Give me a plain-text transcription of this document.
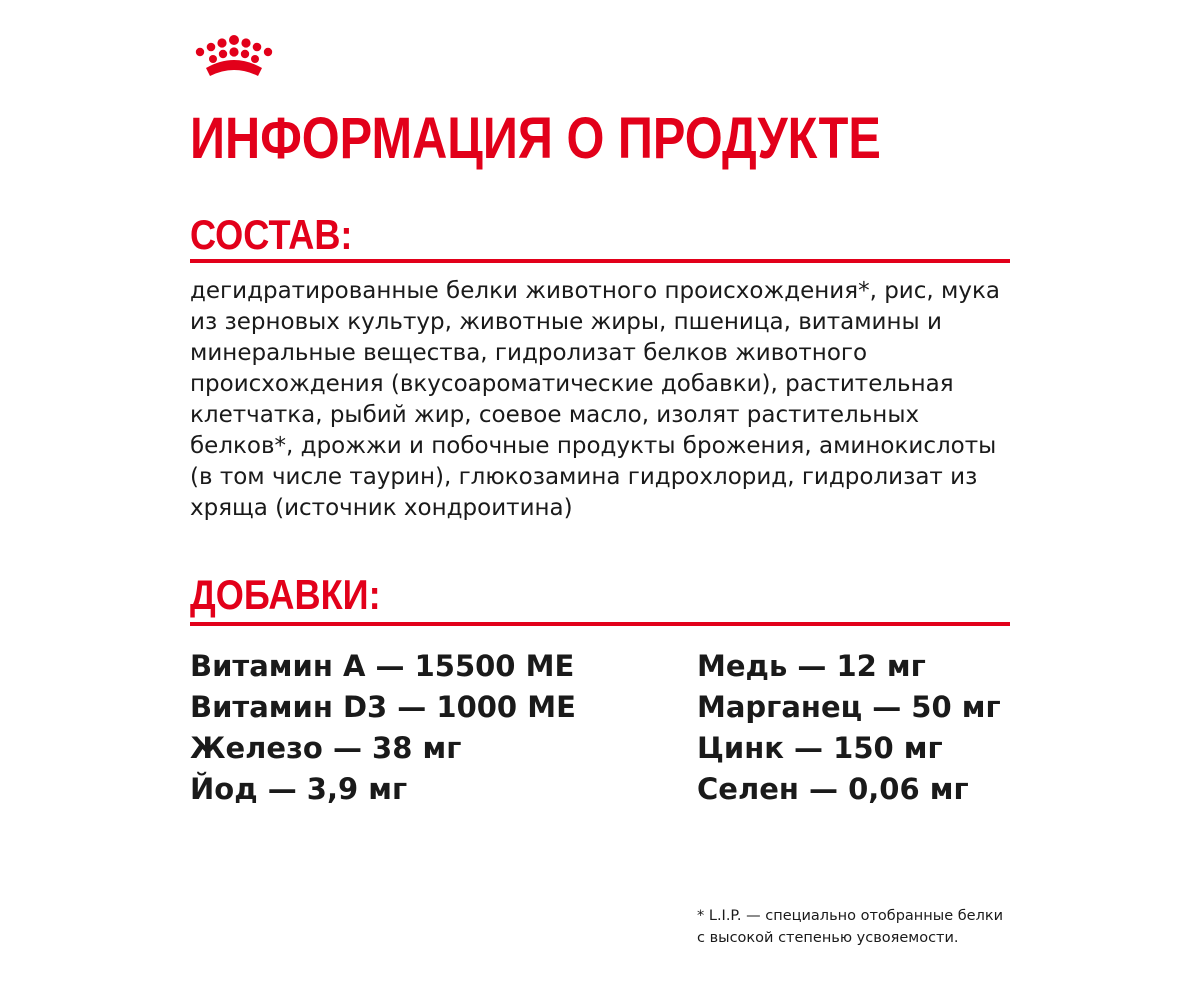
ИНФОРМАЦИЯ О ПРОДУКТЕ
СОСТАВ:

дегидратированные белки животного происхождения*, рис, мука из зерновых культур, животные жиры, пшеница, витамины и минеральные вещества, гидролизат белков животного происхождения (вкусоароматические добавки), растительная клетчатка, рыбий жир, соевое масло, изолят растительных белков*, дрожжи и побочные продукты брожения, аминокислоты (в том числе таурин), глюкозамина гидрохлорид, гидролизат из хряща (источник хондроитина)

ДОБАВКИ:
Витамин А — 15500 МЕ
Витамин D3 — 1000 МЕ
Железо — 38 мг
Йод — 3,9 мг
Медь — 12 мг
Марганец — 50 мг
Цинк — 150 мг
Селен — 0,06 мг

* L.I.P. — специально отобранные белки
с высокой степенью усвояемости.
